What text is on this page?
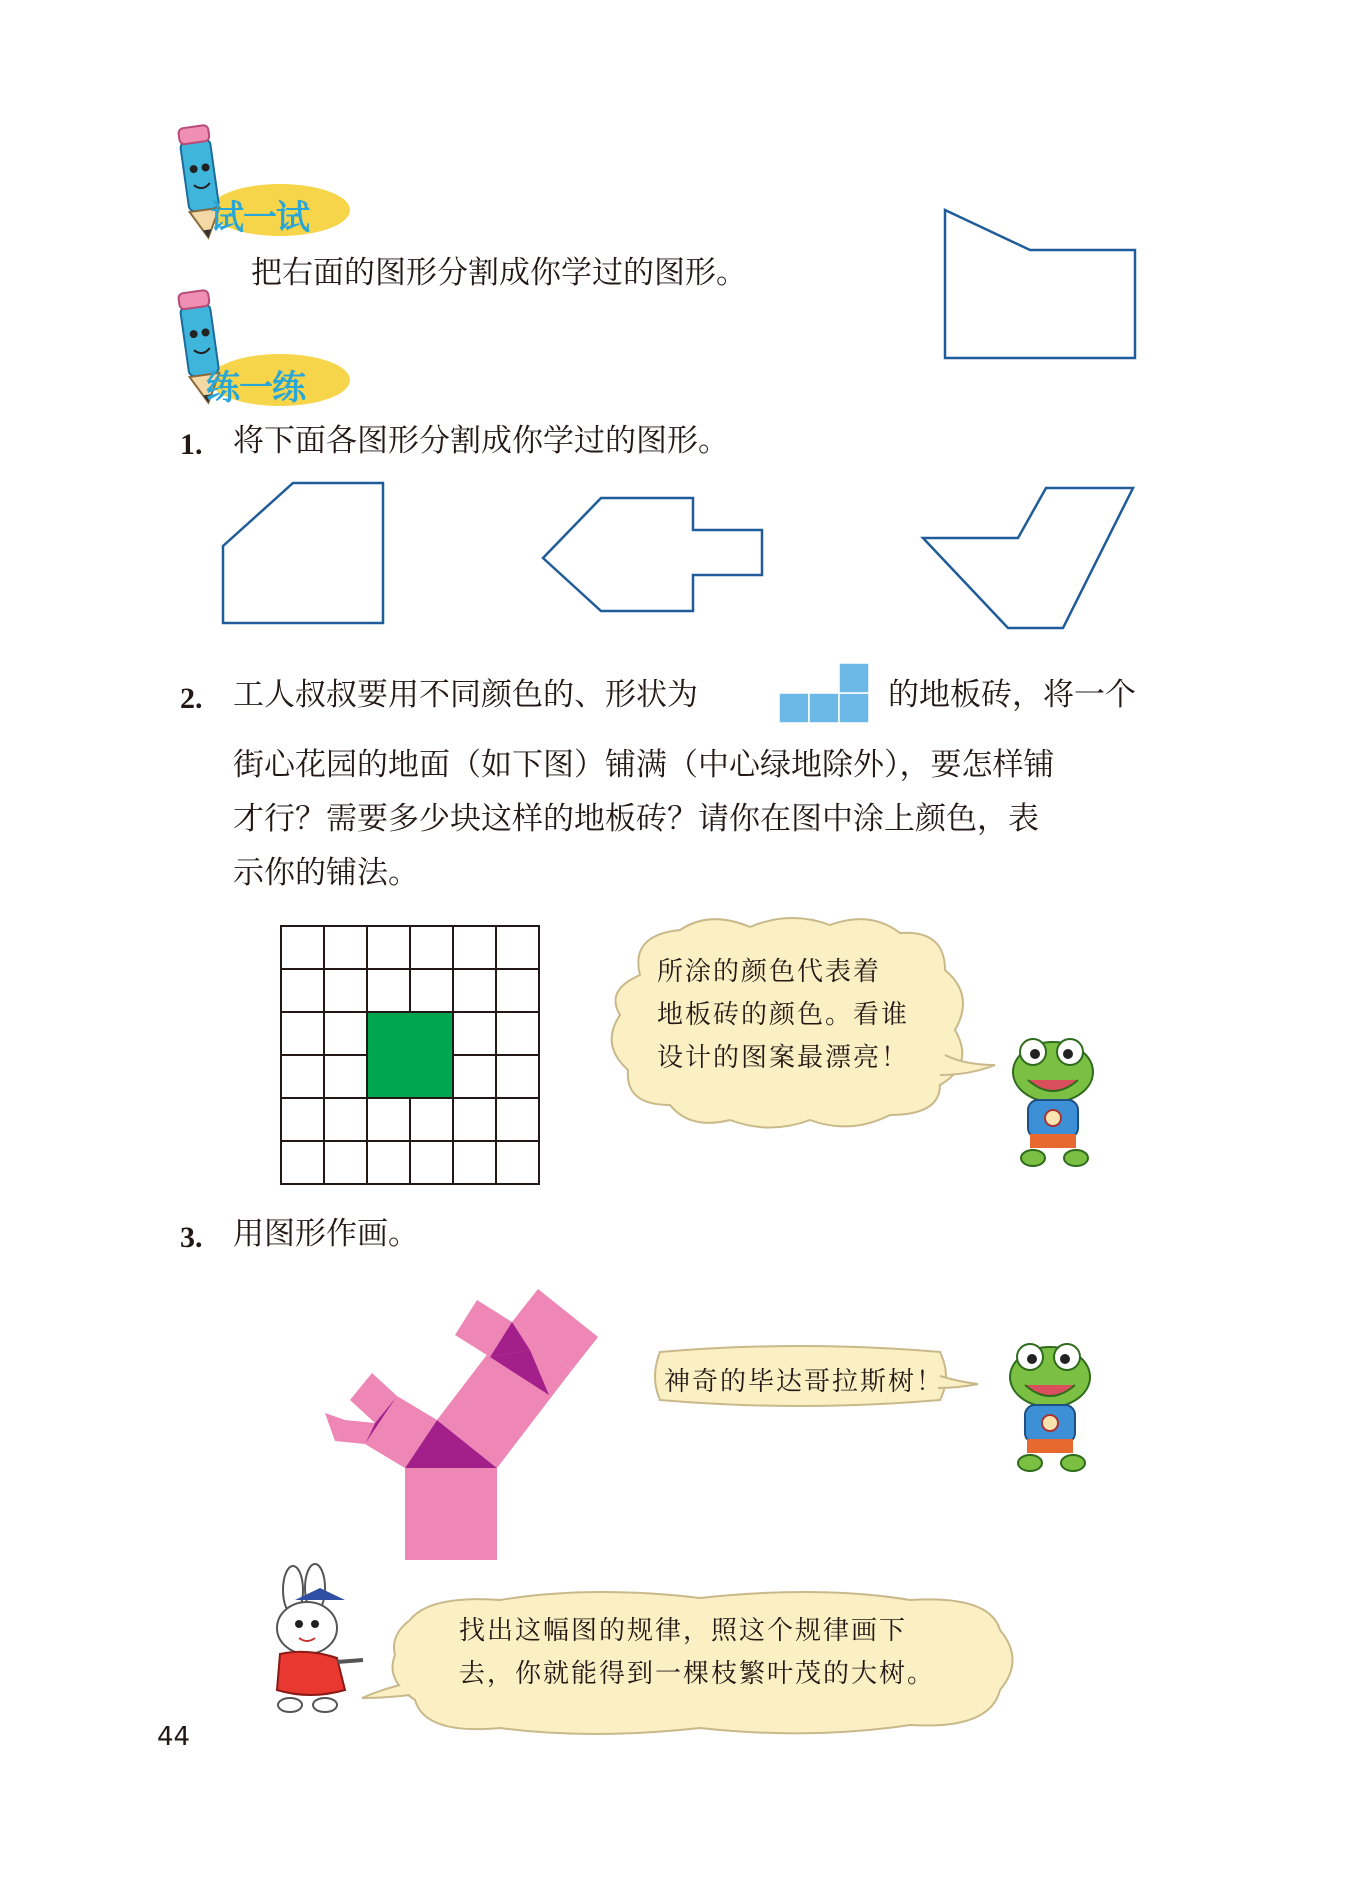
试一试
把右面的图形分割成你学过的图形。
练一练
1. 将下面各图形分割成你学过的图形。
2. 工人叔叔要用不同颜色的、形状为	的地板砖，将一个
街心花园的地面（如下图）铺满（中心绿地除外），要怎样铺
才行？需要多少块这样的地板砖？请你在图中涂上颜色，表
示你的铺法。
所涂的颜色代表着
地板砖的颜色。看谁
设计的图案最漂亮！
3. 用图形作画。
神奇的毕达哥拉斯树！
找出这幅图的规律，照这个规律画下
去，你就能得到一棵枝繁叶茂的大树。
44
